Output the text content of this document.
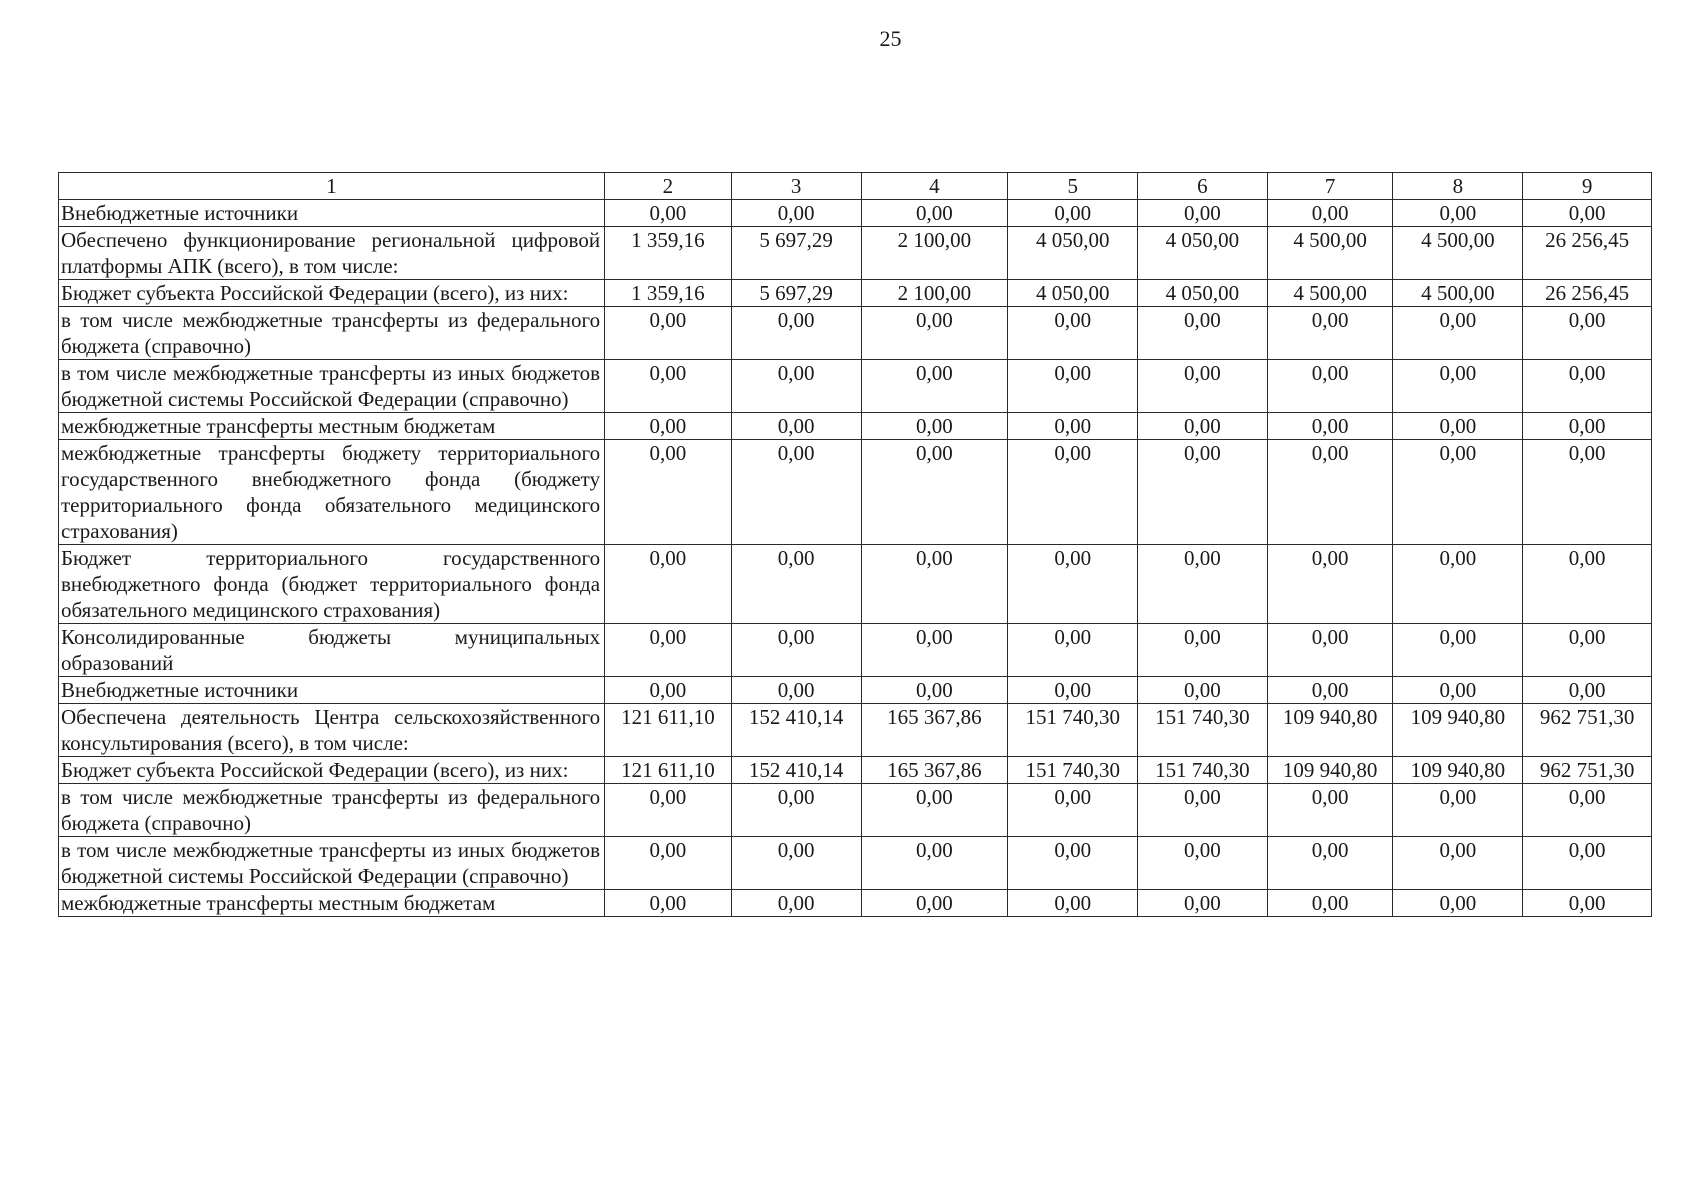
25
1	2	3	4	5	6	7	8	9
Внебюджетные источники	0,00	0,00	0,00	0,00	0,00	0,00	0,00	0,00
Обеспечено функционирование региональной цифровой платформы АПК (всего), в том числе:	1 359,16	5 697,29	2 100,00	4 050,00	4 050,00	4 500,00	4 500,00	26 256,45
Бюджет субъекта Российской Федерации (всего), из них:	1 359,16	5 697,29	2 100,00	4 050,00	4 050,00	4 500,00	4 500,00	26 256,45
в том числе межбюджетные трансферты из федерального бюджета (справочно)	0,00	0,00	0,00	0,00	0,00	0,00	0,00	0,00
в том числе межбюджетные трансферты из иных бюджетов бюджетной системы Российской Федерации (справочно)	0,00	0,00	0,00	0,00	0,00	0,00	0,00	0,00
межбюджетные трансферты местным бюджетам	0,00	0,00	0,00	0,00	0,00	0,00	0,00	0,00
межбюджетные трансферты бюджету территориального государственного внебюджетного фонда (бюджету территориального фонда обязательного медицинского страхования)	0,00	0,00	0,00	0,00	0,00	0,00	0,00	0,00
Бюджет территориального государственного внебюджетного фонда (бюджет территориального фонда обязательного медицинского страхования)	0,00	0,00	0,00	0,00	0,00	0,00	0,00	0,00
Консолидированные бюджеты муниципальных образований	0,00	0,00	0,00	0,00	0,00	0,00	0,00	0,00
Внебюджетные источники	0,00	0,00	0,00	0,00	0,00	0,00	0,00	0,00
Обеспечена деятельность Центра сельскохозяйственного консультирования (всего), в том числе:	121 611,10	152 410,14	165 367,86	151 740,30	151 740,30	109 940,80	109 940,80	962 751,30
Бюджет субъекта Российской Федерации (всего), из них:	121 611,10	152 410,14	165 367,86	151 740,30	151 740,30	109 940,80	109 940,80	962 751,30
в том числе межбюджетные трансферты из федерального бюджета (справочно)	0,00	0,00	0,00	0,00	0,00	0,00	0,00	0,00
в том числе межбюджетные трансферты из иных бюджетов бюджетной системы Российской Федерации (справочно)	0,00	0,00	0,00	0,00	0,00	0,00	0,00	0,00
межбюджетные трансферты местным бюджетам	0,00	0,00	0,00	0,00	0,00	0,00	0,00	0,00
